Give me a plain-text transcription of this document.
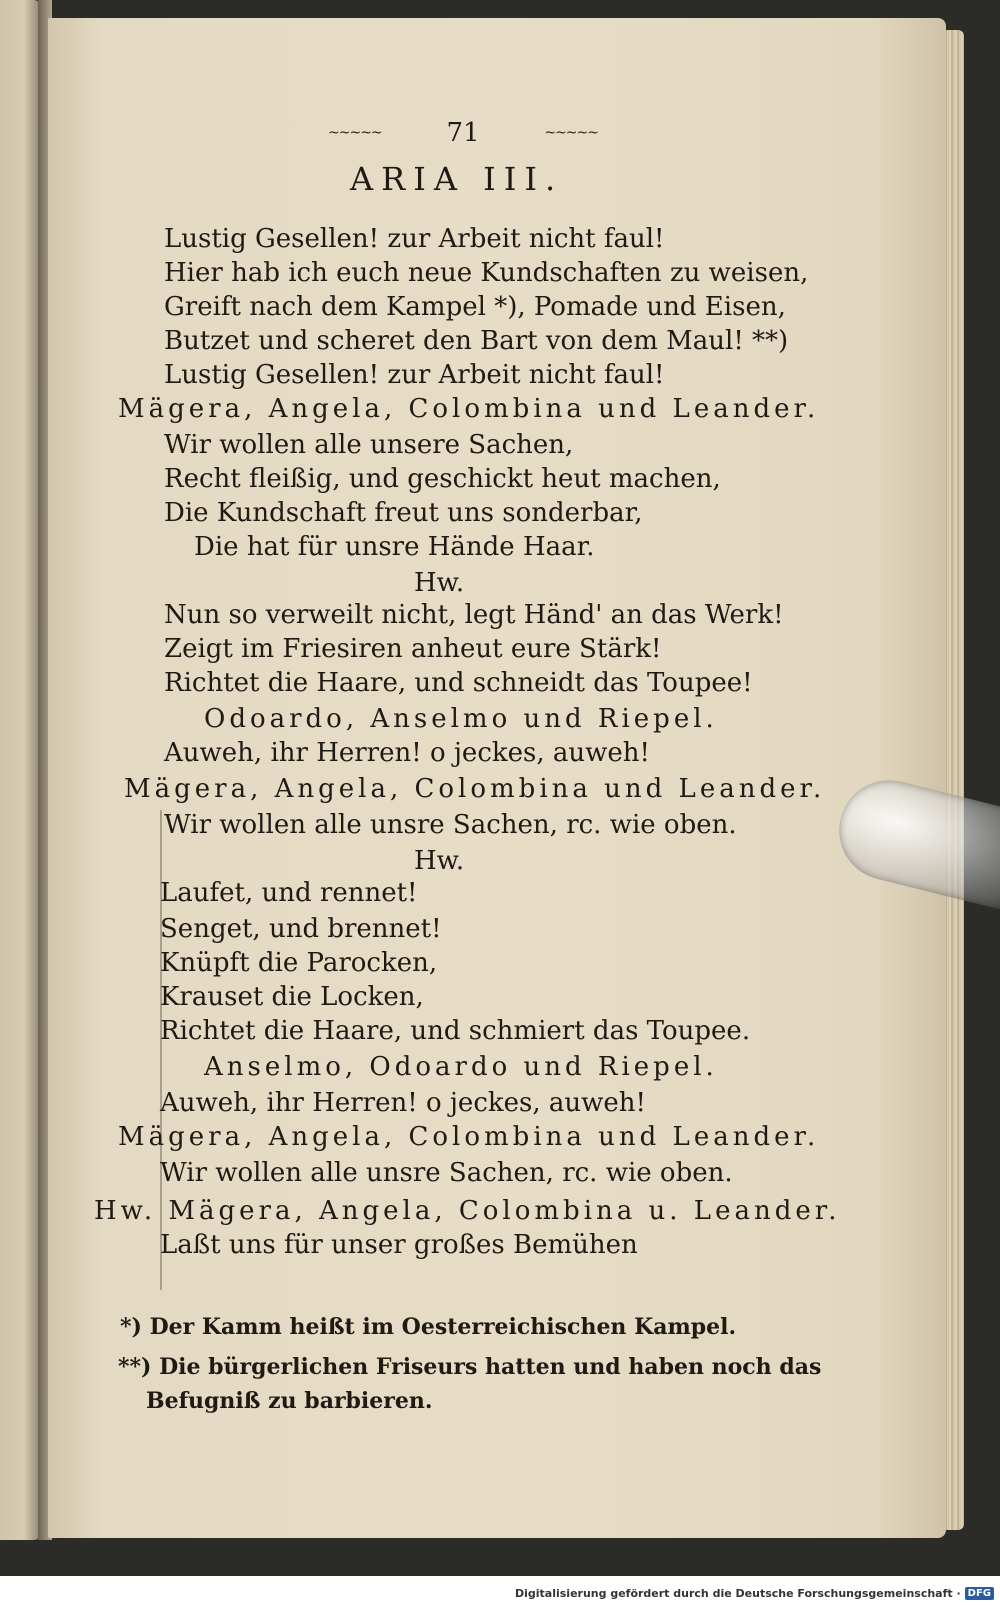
~~~~~ 71	~~~~~
ARIA III.
Lustig Gesellen! zur Arbeit nicht faul!
Hier hab ich euch neue Kundschaften zu weisen,
Greift nach dem Kampel *), Pomade und Eisen,
Butzet und scheret den Bart von dem Maul! **)
Lustig Gesellen! zur Arbeit nicht faul!
Mägera, Angela, Colombina und Leander.
Wir wollen alle unsere Sachen,
Recht fleißig, und geschickt heut machen,
Die Kundschaft freut uns sonderbar,
Die hat für unsre Hände Haar.
Hw.
Nun so verweilt nicht, legt Händ' an das Werk!
Zeigt im Friesiren anheut eure Stärk!
Richtet die Haare, und schneidt das Toupee!
Odoardo, Anselmo und Riepel.
Auweh, ihr Herren! o jeckes, auweh!
Mägera, Angela, Colombina und Leander.
Wir wollen alle unsre Sachen, rc. wie oben.
Hw.
Laufet, und rennet!
Senget, und brennet!
Knüpft die Parocken,
Krauset die Locken,
Richtet die Haare, und schmiert das Toupee.
Anselmo, Odoardo und Riepel.
Auweh, ihr Herren! o jeckes, auweh!
Mägera, Angela, Colombina und Leander.
Wir wollen alle unsre Sachen, rc. wie oben.
Hw. Mägera, Angela, Colombina u. Leander.
Laßt uns für unser großes Bemühen
*) Der Kamm heißt im Oesterreichischen Kampel.
**) Die bürgerlichen Friseurs hatten und haben noch das
Befugniß zu barbieren.
Digitalisierung gefördert durch die Deutsche Forschungsgemeinschaft · DFG
